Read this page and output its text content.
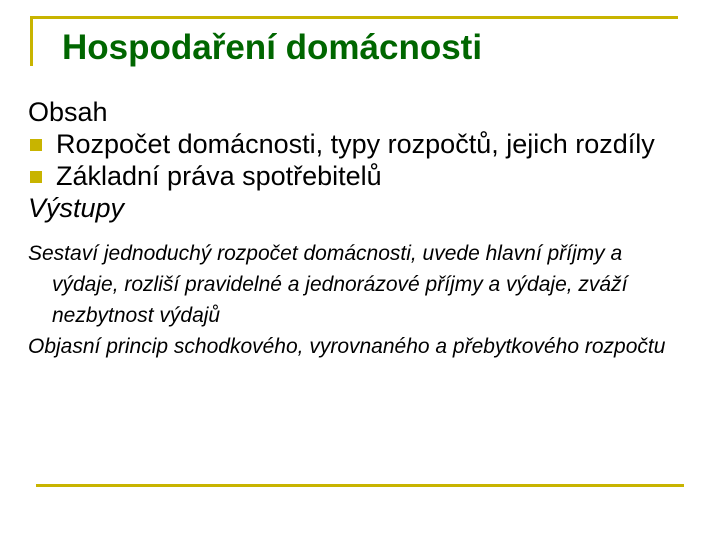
Hospodaření domácnosti

Obsah

Rozpočet domácnosti, typy rozpočtů, jejich rozdíly
Základní práva spotřebitelů

Výstupy

Sestaví jednoduchý rozpočet domácnosti, uvede hlavní příjmy a výdaje, rozliší pravidelné a jednorázové příjmy a výdaje, zváží nezbytnost výdajů

Objasní princip schodkového, vyrovnaného a přebytkového rozpočtu
